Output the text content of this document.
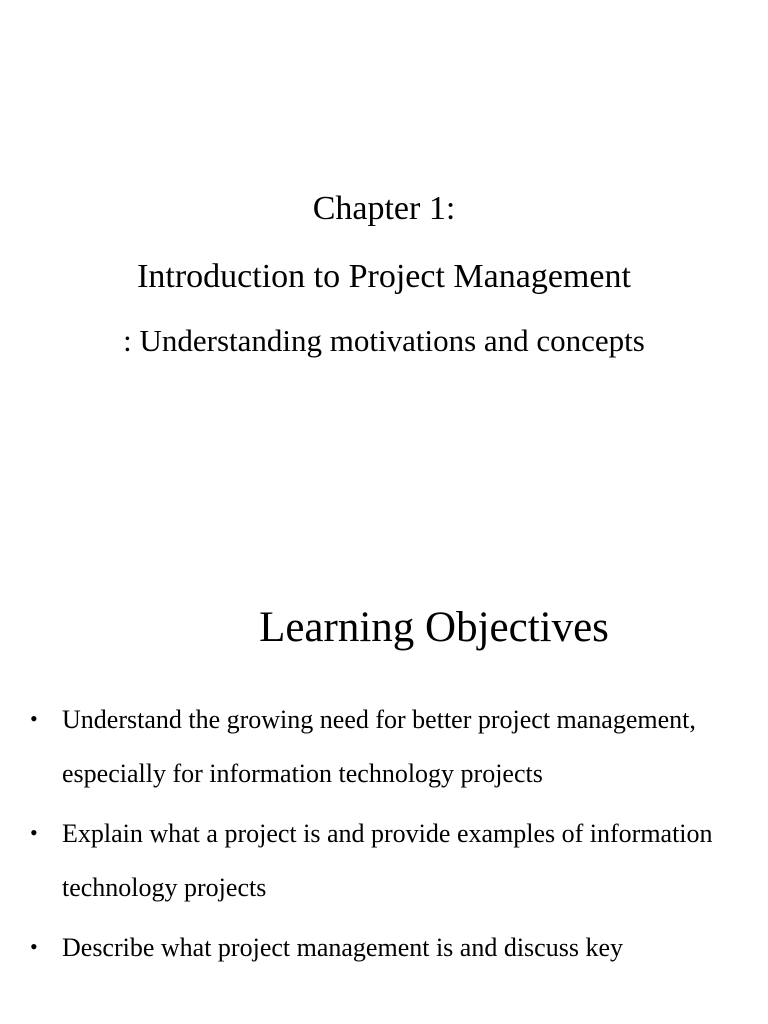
Chapter 1:
Introduction to Project Management
: Understanding motivations and concepts
Learning Objectives
• Understand the growing need for better project management, especially for information technology projects
• Explain what a project is and provide examples of information technology projects
• Describe what project management is and discuss key
